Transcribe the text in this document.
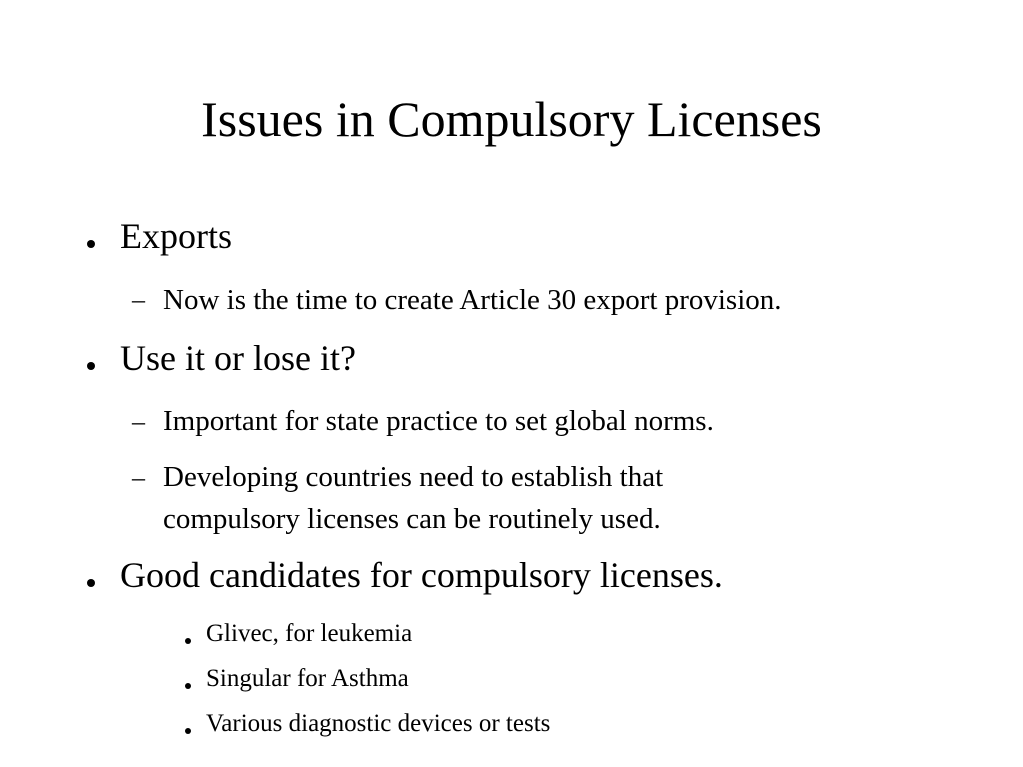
Issues in Compulsory Licenses
Exports
– Now is the time to create Article 30 export provision.
Use it or lose it?
– Important for state practice to set global norms.
– Developing countries need to establish that
compulsory licenses can be routinely used.
Good candidates for compulsory licenses.
Glivec, for leukemia
Singular for Asthma
Various diagnostic devices or tests
